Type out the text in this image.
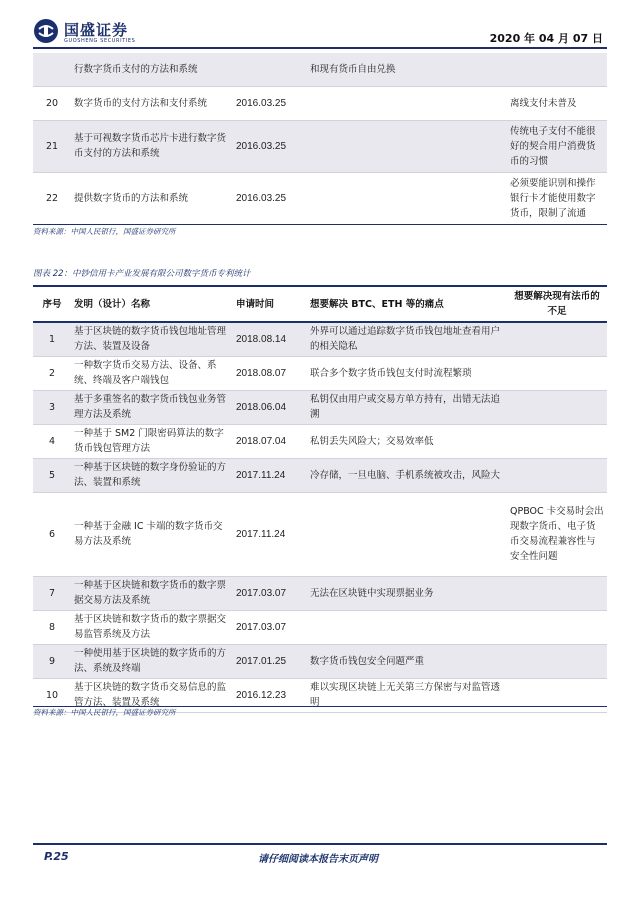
国盛证券
GUOSHENG SECURITIES	2020 年 04 月 07 日
	行数字货币支付的方法和系统		和现有货币自由兑换	
20	数字货币的支付方法和支付系统	2016.03.25		离线支付未普及
21	基于可视数字货币芯片卡进行数字货币支付的方法和系统	2016.03.25		传统电子支付不能很好的契合用户消费货币的习惯
22	提供数字货币的方法和系统	2016.03.25		必须要能识别和操作银行卡才能使用数字货币，限制了流通
资料来源：中国人民银行，国盛证券研究所
图表 22：中钞信用卡产业发展有限公司数字货币专利统计
序号	发明（设计）名称	申请时间	想要解决 BTC、ETH 等的痛点	想要解决现有法币的不足
1	基于区块链的数字货币钱包地址管理方法、装置及设备	2018.08.14	外界可以通过追踪数字货币钱包地址查看用户的相关隐私	
2	一种数字货币交易方法、设备、系统、终端及客户端钱包	2018.08.07	联合多个数字货币钱包支付时流程繁琐	
3	基于多重签名的数字货币钱包业务管理方法及系统	2018.06.04	私钥仅由用户或交易方单方持有，出错无法追溯	
4	一种基于 SM2 门限密码算法的数字货币钱包管理方法	2018.07.04	私钥丢失风险大；交易效率低	
5	一种基于区块链的数字身份验证的方法、装置和系统	2017.11.24	冷存储，一旦电脑、手机系统被攻击，风险大	
6	一种基于金融 IC 卡端的数字货币交易方法及系统	2017.11.24		QPBOC 卡交易时会出现数字货币、电子货币交易流程兼容性与安全性问题
7	一种基于区块链和数字货币的数字票据交易方法及系统	2017.03.07	无法在区块链中实现票据业务	
8	基于区块链和数字货币的数字票据交易监管系统及方法	2017.03.07		
9	一种使用基于区块链的数字货币的方法、系统及终端	2017.01.25	数字货币钱包安全问题严重	
10	基于区块链的数字货币交易信息的监管方法、装置及系统	2016.12.23	难以实现区块链上无关第三方保密与对监管透明	
资料来源：中国人民银行，国盛证券研究所
P.25	请仔细阅读本报告末页声明
